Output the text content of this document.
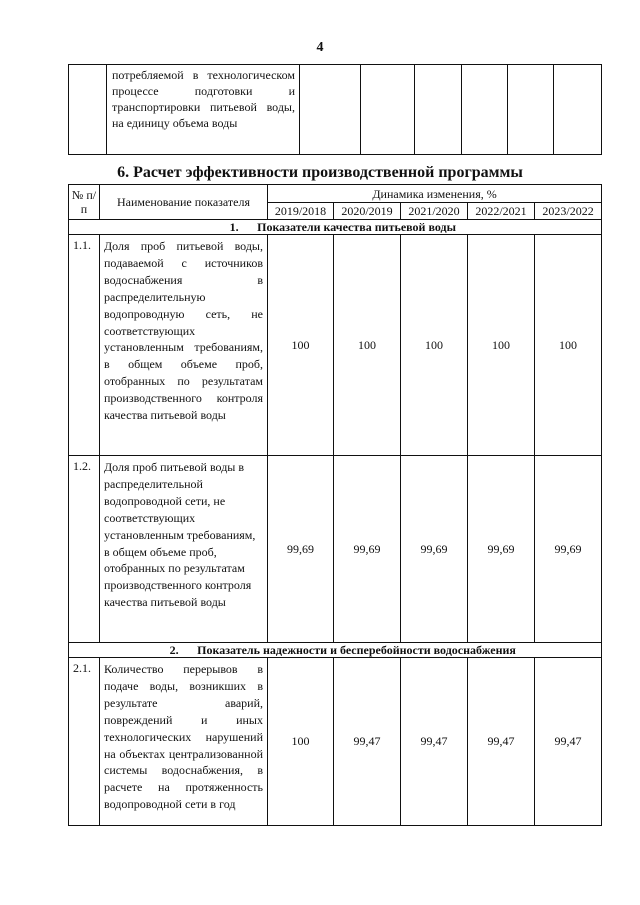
4
	потребляемой в технологическом процессе подготовки и транспортировки питьевой воды, на единицу объема воды						
6. Расчет эффективности производственной программы
№ п/п	Наименование показателя	Динамика изменения, %				
		2019/2018	2020/2019	2021/2020	2022/2021	2023/2022
1. Показатели качества питьевой воды						
1.1.	Доля проб питьевой воды, подаваемой с источников водоснабжения в распределительную водопроводную сеть, не соответствующих установленным требованиям, в общем объеме проб, отобранных по результатам производственного контроля качества питьевой воды	100	100	100	100	100
1.2.	Доля проб питьевой воды в распределительной водопроводной сети, не соответствующих установленным требованиям, в общем объеме проб, отобранных по результатам производственного контроля качества питьевой воды	99,69	99,69	99,69	99,69	99,69
2. Показатель надежности и бесперебойности водоснабжения						
2.1.	Количество перерывов в подаче воды, возникших в результате аварий, повреждений и иных технологических нарушений на объектах централизованной системы водоснабжения, в расчете на протяженность водопроводной сети в год	100	99,47	99,47	99,47	99,47
